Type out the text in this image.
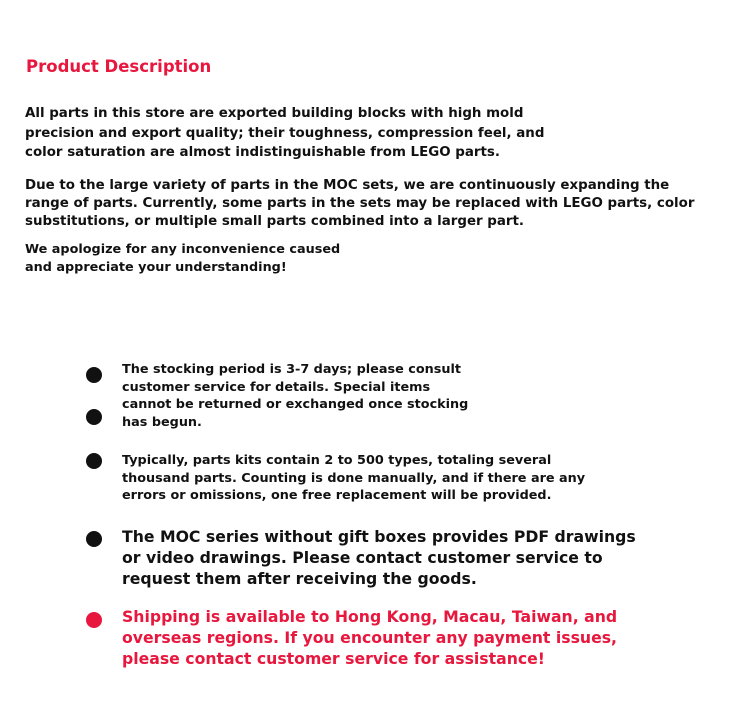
Product Description

All parts in this store are exported building blocks with high mold
precision and export quality; their toughness, compression feel, and
color saturation are almost indistinguishable from LEGO parts.

Due to the large variety of parts in the MOC sets, we are continuously expanding the
range of parts. Currently, some parts in the sets may be replaced with LEGO parts, color
substitutions, or multiple small parts combined into a larger part.

We apologize for any inconvenience caused
and appreciate your understanding!

The stocking period is 3-7 days; please consult
customer service for details. Special items
cannot be returned or exchanged once stocking
has begun.

Typically, parts kits contain 2 to 500 types, totaling several
thousand parts. Counting is done manually, and if there are any
errors or omissions, one free replacement will be provided.

The MOC series without gift boxes provides PDF drawings
or video drawings. Please contact customer service to
request them after receiving the goods.

Shipping is available to Hong Kong, Macau, Taiwan, and
overseas regions. If you encounter any payment issues,
please contact customer service for assistance!
